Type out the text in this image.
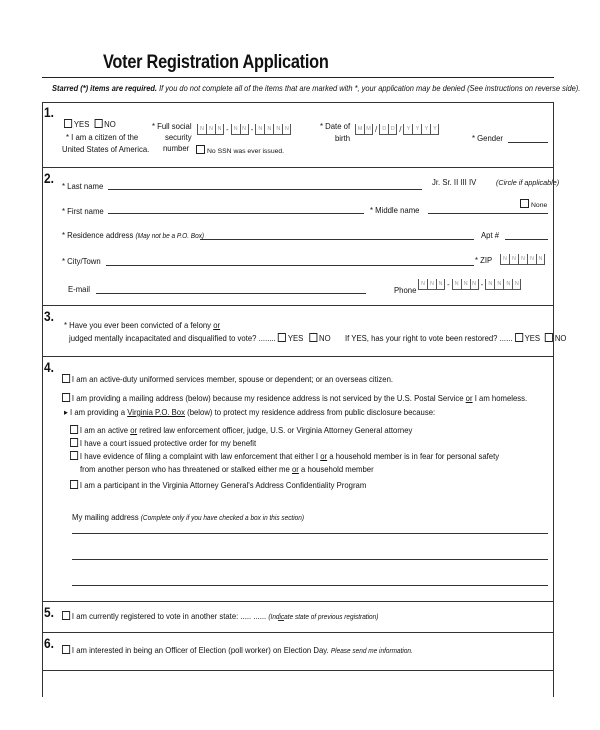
Voter Registration Application
Starred (*) items are required. If you do not complete all of the items that are marked with *, your application may be denied (See instructions on reverse side).
1.
YES NO
* I am a citizen of the
United States of America.
* Full social
security
number
N N N - N N - N N N N
No SSN was ever issued.
* Date of
birth
M M / D D / Y Y Y Y
* Gender
2. * Last name	Jr. Sr. II III IV	(Circle if applicable)
* First name	* Middle name	None
* Residence address (May not be a P.O. Box)	Apt #
* City/Town	* ZIP	N N N N N
E-mail	Phone
N N N - N N N - N N N N
3.
* Have you ever been convicted of a felony or
judged mentally incapacitated and disqualified to vote? ........ YES NO If YES, has your right to vote been restored? ...... YES NO
4.
I am an active-duty uniformed services member, spouse or dependent; or an overseas citizen.
I am providing a mailing address (below) because my residence address is not serviced by the U.S. Postal Service or I am homeless.
▸ I am providing a Virginia P.O. Box (below) to protect my residence address from public disclosure because:
I am an active or retired law enforcement officer, judge, U.S. or Virginia Attorney General attorney
I have a court issued protective order for my benefit
I have evidence of filing a complaint with law enforcement that either I or a household member is in fear for personal safety
from another person who has threatened or stalked either me or a household member
I am a participant in the Virginia Attorney General's Address Confidentiality Program
My mailing address (Complete only if you have checked a box in this section)
5.	I am currently registered to vote in another state: ..... ...... (Indicate state of previous registration)
6.	I am interested in being an Officer of Election (poll worker) on Election Day. Please send me information.
